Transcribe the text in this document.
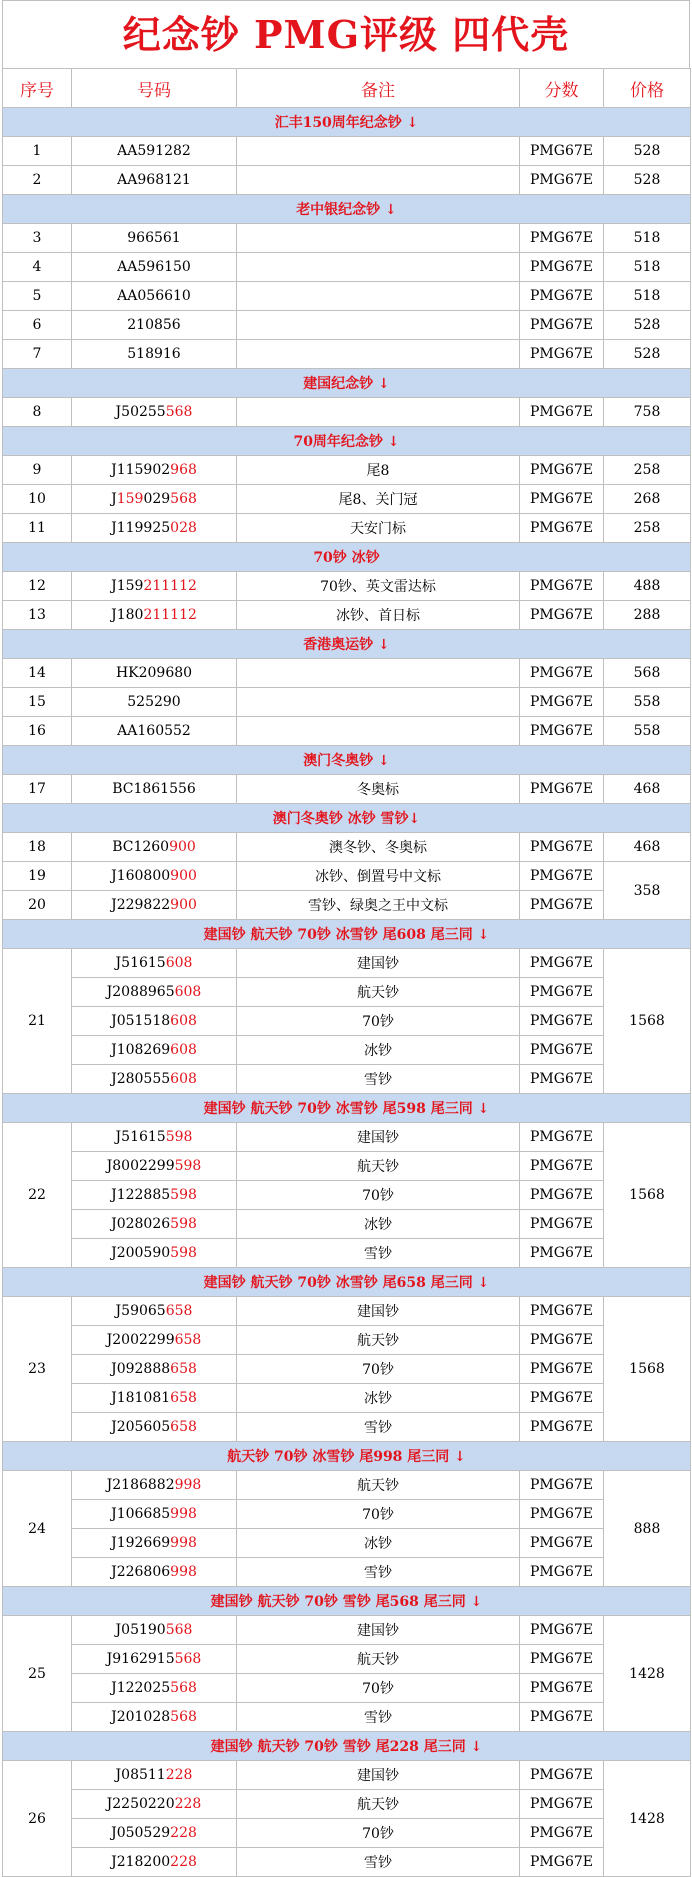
纪念钞 PMG评级 四代壳
序号	号码	备注	分数	价格
汇丰150周年纪念钞 ↓				
1	AA591282		PMG67E	528
2	AA968121		PMG67E	528
老中银纪念钞 ↓				
3	966561		PMG67E	518
4	AA596150		PMG67E	518
5	AA056610		PMG67E	518
6	210856		PMG67E	528
7	518916		PMG67E	528
建国纪念钞 ↓				
8	J50255568		PMG67E	758
70周年纪念钞 ↓				
9	J115902968	尾8	PMG67E	258
10	J159029568	尾8、关门冠	PMG67E	268
11	J119925028	天安门标	PMG67E	258
70钞 冰钞				
12	J159211112	70钞、英文雷达标	PMG67E	488
13	J180211112	冰钞、首日标	PMG67E	288
香港奥运钞 ↓				
14	HK209680		PMG67E	568
15	525290		PMG67E	558
16	AA160552		PMG67E	558
澳门冬奥钞 ↓				
17	BC1861556	冬奥标	PMG67E	468
澳门冬奥钞 冰钞 雪钞↓				
18	BC1260900	澳冬钞、冬奥标	PMG67E	468
19	J160800900	冰钞、倒置号中文标	PMG67E	358
20	J229822900	雪钞、绿奥之王中文标	PMG67E	
建国钞 航天钞 70钞 冰雪钞 尾608 尾三同 ↓				
21	J51615608	建国钞	PMG67E	1568
	J2088965608	航天钞	PMG67E	
	J051518608	70钞	PMG67E	
	J108269608	冰钞	PMG67E	
	J280555608	雪钞	PMG67E	
建国钞 航天钞 70钞 冰雪钞 尾598 尾三同 ↓				
22	J51615598	建国钞	PMG67E	1568
	J8002299598	航天钞	PMG67E	
	J122885598	70钞	PMG67E	
	J028026598	冰钞	PMG67E	
	J200590598	雪钞	PMG67E	
建国钞 航天钞 70钞 冰雪钞 尾658 尾三同 ↓				
23	J59065658	建国钞	PMG67E	1568
	J2002299658	航天钞	PMG67E	
	J092888658	70钞	PMG67E	
	J181081658	冰钞	PMG67E	
	J205605658	雪钞	PMG67E	
航天钞 70钞 冰雪钞 尾998 尾三同 ↓				
24	J2186882998	航天钞	PMG67E	888
	J106685998	70钞	PMG67E	
	J192669998	冰钞	PMG67E	
	J226806998	雪钞	PMG67E	
建国钞 航天钞 70钞 雪钞 尾568 尾三同 ↓				
25	J05190568	建国钞	PMG67E	1428
	J9162915568	航天钞	PMG67E	
	J122025568	70钞	PMG67E	
	J201028568	雪钞	PMG67E	
建国钞 航天钞 70钞 雪钞 尾228 尾三同 ↓				
26	J08511228	建国钞	PMG67E	1428
	J2250220228	航天钞	PMG67E	
	J050529228	70钞	PMG67E	
	J218200228	雪钞	PMG67E	
